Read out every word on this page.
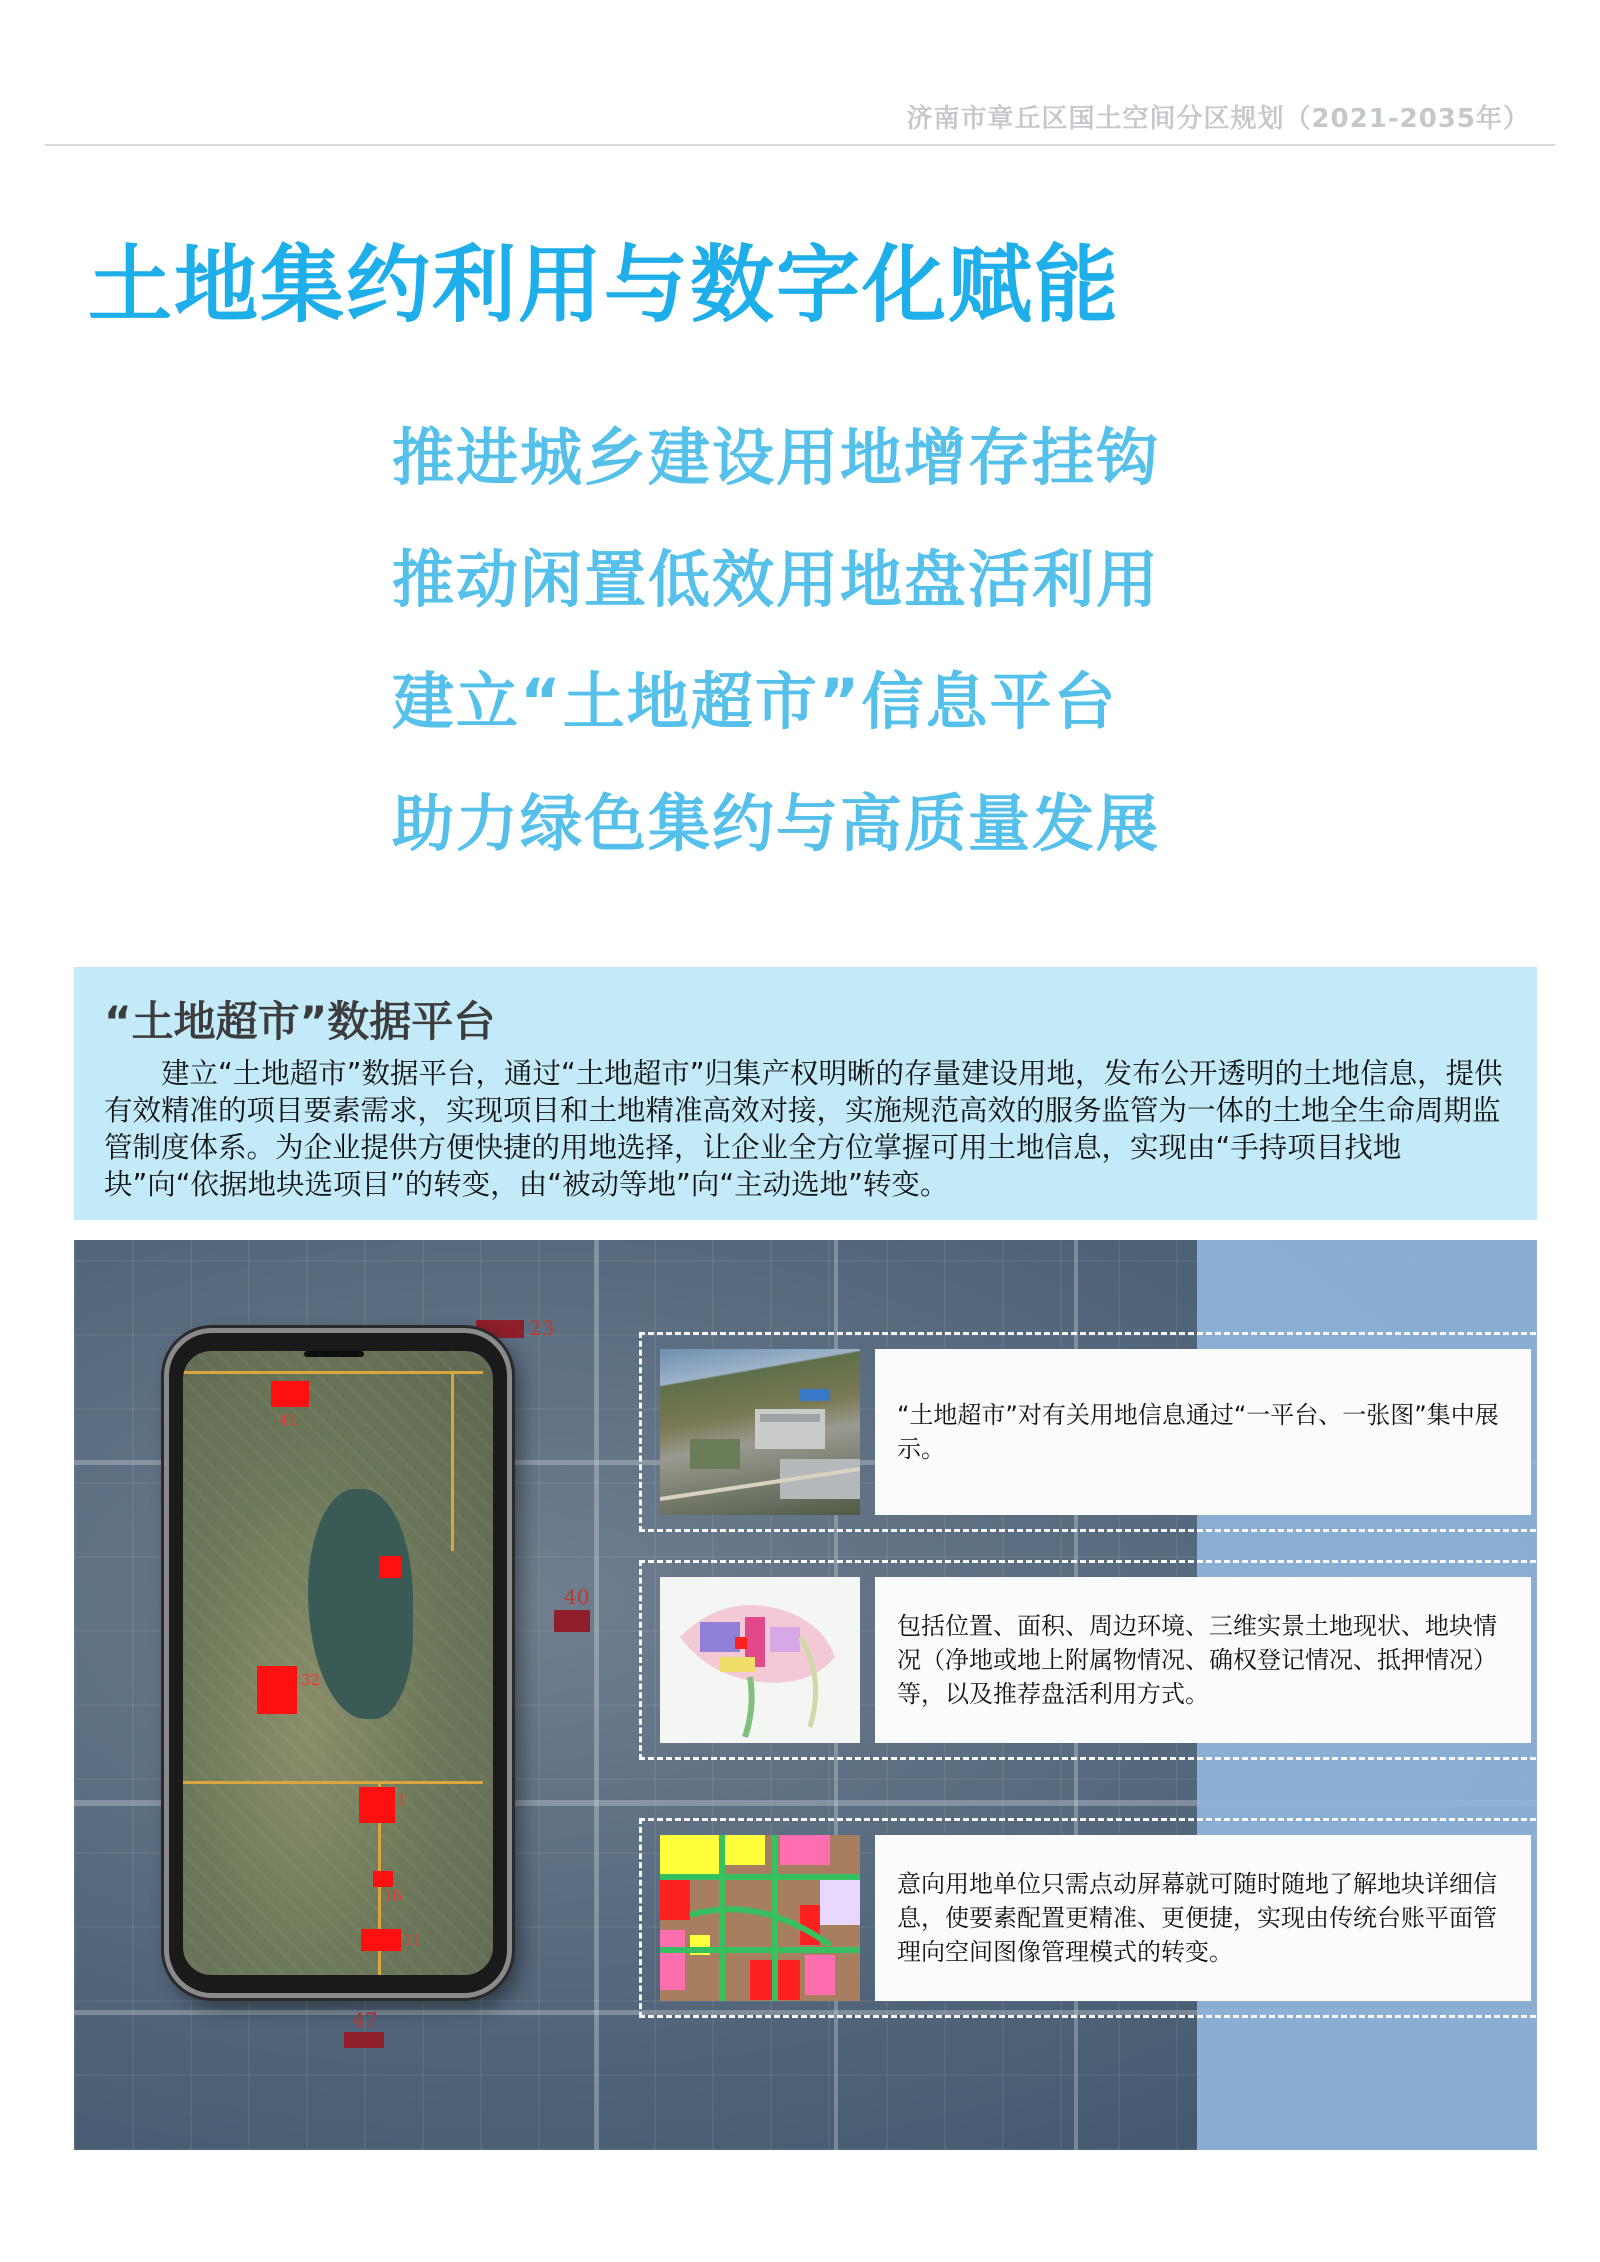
济南市章丘区国土空间分区规划（2021-2035年）
土地集约利用与数字化赋能
推进城乡建设用地增存挂钩
推动闲置低效用地盘活利用
建立“土地超市”信息平台
助力绿色集约与高质量发展
“土地超市”数据平台
建立“土地超市”数据平台，通过“土地超市”归集产权明晰的存量建设用地，发布公开透明的土地信息，提供有效精准的项目要素需求，实现项目和土地精准高效对接，实施规范高效的服务监管为一体的土地全生命周期监管制度体系。为企业提供方便快捷的用地选择，让企业全方位掌握可用土地信息，实现由“手持项目找地块”向“依据地块选项目”的转变，由“被动等地”向“主动选地”转变。
23
40
47
41
32
1
16
11
“土地超市”对有关用地信息通过“一平台、一张图”集中展示。
包括位置、面积、周边环境、三维实景土地现状、地块情况（净地或地上附属物情况、确权登记情况、抵押情况）等，以及推荐盘活利用方式。
意向用地单位只需点动屏幕就可随时随地了解地块详细信息，使要素配置更精准、更便捷，实现由传统台账平面管理向空间图像管理模式的转变。
